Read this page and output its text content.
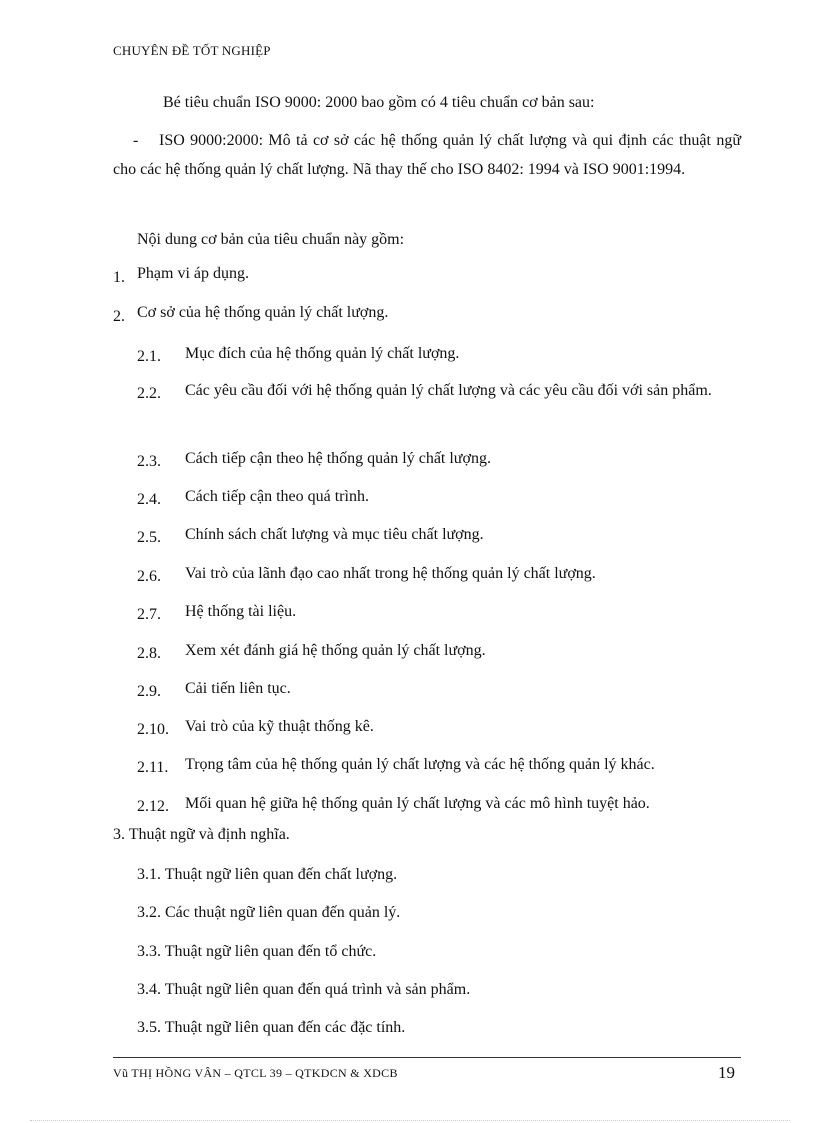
CHUYÊN ĐỀ TỐT NGHIỆP
Bé tiêu chuẩn ISO 9000: 2000 bao gồm có 4 tiêu chuẩn cơ bản sau:
- ISO 9000:2000: Mô tả cơ sở các hệ thống quản lý chất lượng và qui định các thuật ngữ cho các hệ thống quản lý chất lượng. Nã thay thế cho ISO 8402: 1994 và ISO 9001:1994.
Nội dung cơ bản của tiêu chuẩn này gồm:
1. Phạm vi áp dụng.
2. Cơ sở của hệ thống quản lý chất lượng.
2.1.	Mục đích của hệ thống quản lý chất lượng.
2.2.	Các yêu cầu đối với hệ thống quản lý chất lượng và các yêu cầu đối với sản phẩm.
2.3.	Cách tiếp cận theo hệ thống quản lý chất lượng.
2.4.	Cách tiếp cận theo quá trình.
2.5.	Chính sách chất lượng và mục tiêu chất lượng.
2.6.	Vai trò của lãnh đạo cao nhất trong hệ thống quản lý chất lượng.
2.7.	Hệ thống tài liệu.
2.8.	Xem xét đánh giá hệ thống quản lý chất lượng.
2.9.	Cải tiến liên tục.
2.10.	Vai trò của kỹ thuật thống kê.
2.11.	Trọng tâm của hệ thống quản lý chất lượng và các hệ thống quản lý khác.
2.12.	Mối quan hệ giữa hệ thống quản lý chất lượng và các mô hình tuyệt hảo.
3. Thuật ngữ và định nghĩa.
3.1. Thuật ngữ liên quan đến chất lượng.
3.2. Các thuật ngữ liên quan đến quản lý.
3.3. Thuật ngữ liên quan đến tổ chức.
3.4. Thuật ngữ liên quan đến quá trình và sản phẩm.
3.5. Thuật ngữ liên quan đến các đặc tính.
Vũ THỊ HỒNG VÂN – QTCL 39 – QTKDCN & XDCB	19
